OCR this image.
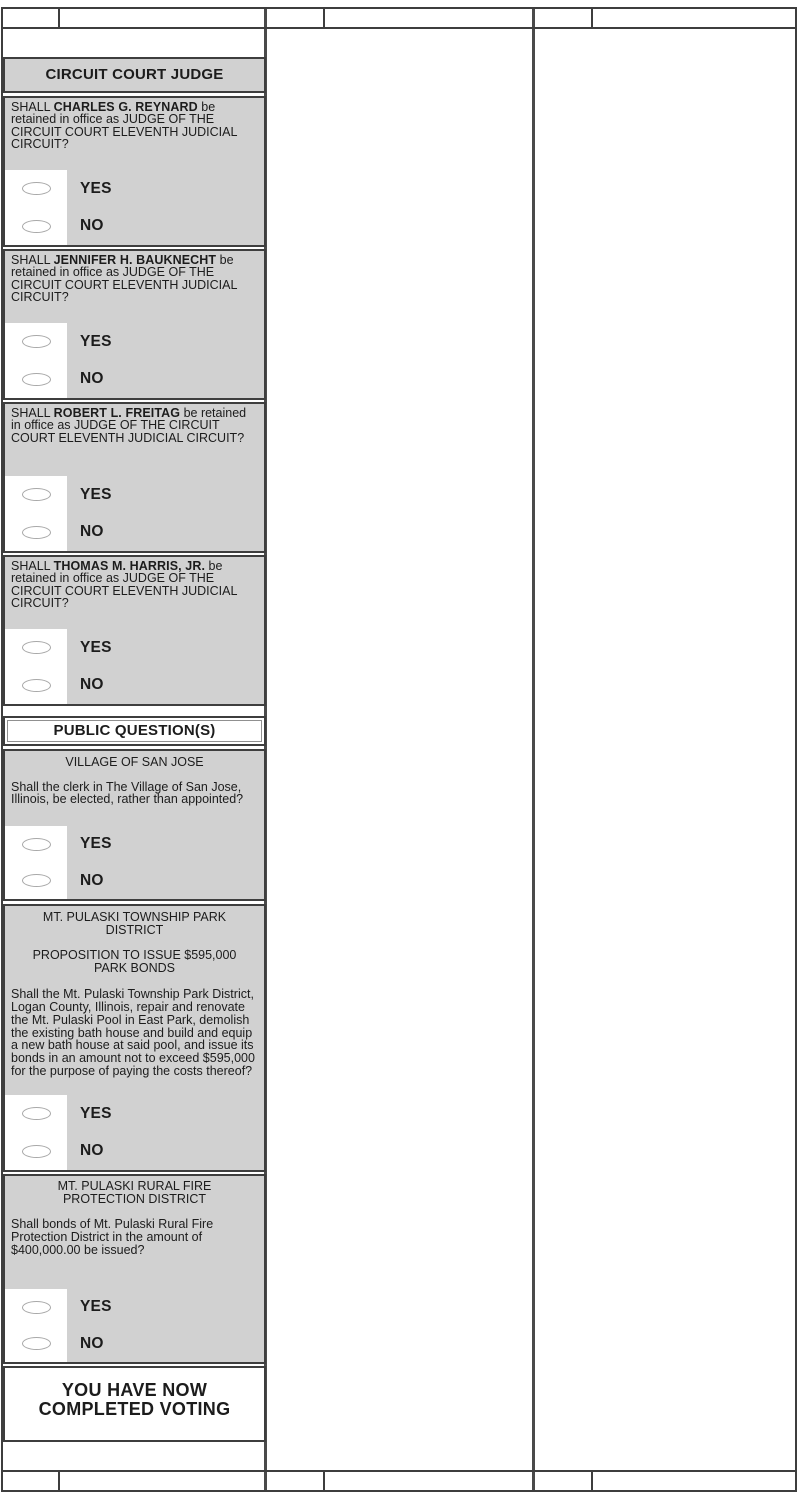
CIRCUIT COURT JUDGE
SHALL CHARLES G. REYNARD be retained in office as JUDGE OF THE CIRCUIT COURT ELEVENTH JUDICIAL CIRCUIT?
YES
NO
SHALL JENNIFER H. BAUKNECHT be retained in office as JUDGE OF THE CIRCUIT COURT ELEVENTH JUDICIAL CIRCUIT?
YES
NO
SHALL ROBERT L. FREITAG be retained in office as JUDGE OF THE CIRCUIT COURT ELEVENTH JUDICIAL CIRCUIT?
YES
NO
SHALL THOMAS M. HARRIS, JR. be retained in office as JUDGE OF THE CIRCUIT COURT ELEVENTH JUDICIAL CIRCUIT?
YES
NO
PUBLIC QUESTION(S)
VILLAGE OF SAN JOSE
Shall the clerk in The Village of San Jose, Illinois, be elected, rather than appointed?
YES
NO
MT. PULASKI TOWNSHIP PARK DISTRICT
PROPOSITION TO ISSUE $595,000 PARK BONDS
Shall the Mt. Pulaski Township Park District, Logan County, Illinois, repair and renovate the Mt. Pulaski Pool in East Park, demolish the existing bath house and build and equip a new bath house at said pool, and issue its bonds in an amount not to exceed $595,000 for the purpose of paying the costs thereof?
YES
NO
MT. PULASKI RURAL FIRE PROTECTION DISTRICT
Shall bonds of Mt. Pulaski Rural Fire Protection District in the amount of $400,000.00 be issued?
YES
NO
YOU HAVE NOW
COMPLETED VOTING
